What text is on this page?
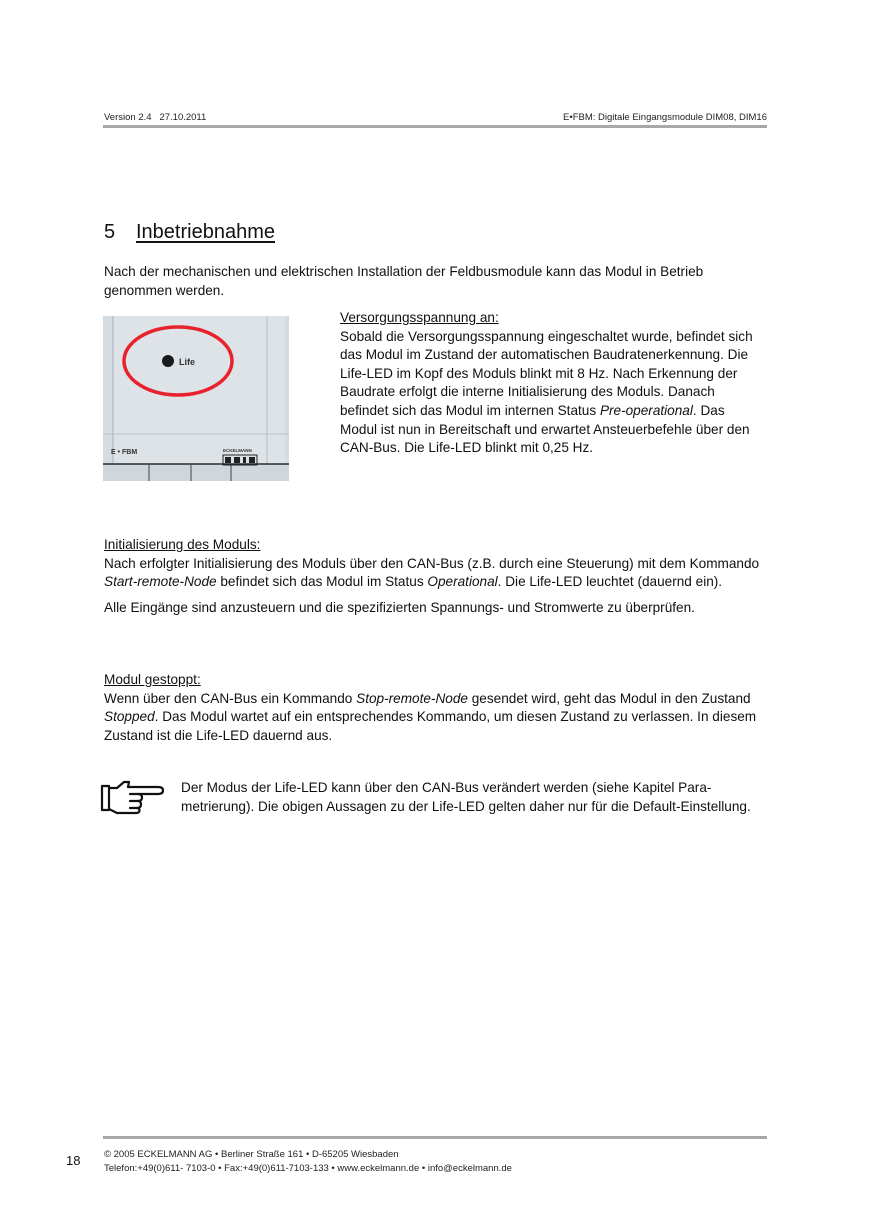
Version 2.4   27.10.2011	E•FBM: Digitale Eingangsmodule DIM08, DIM16
5 Inbetriebnahme

Nach der mechanischen und elektrischen Installation der Feldbusmodule kann das Modul in Betrieb genommen werden.

Life
E • FBM	ECKELMANN

Versorgungsspannung an:

Sobald die Versorgungsspannung eingeschaltet wurde, befindet sich das Modul im Zustand der automatischen Baudratenerkennung. Die Life-LED im Kopf des Moduls blinkt mit 8 Hz. Nach Erkennung der Baudrate erfolgt die interne Initialisierung des Moduls. Danach befindet sich das Modul im internen Status Pre-operational. Das Modul ist nun in Bereitschaft und erwartet Ansteuerbefehle über den CAN-Bus. Die Life-LED blinkt mit 0,25 Hz.

Initialisierung des Moduls:

Nach erfolgter Initialisierung des Moduls über den CAN-Bus (z.B. durch eine Steuerung) mit dem Kommando Start-remote-Node befindet sich das Modul im Status Operational. Die Life-LED leuchtet (dauernd ein).

Alle Eingänge sind anzusteuern und die spezifizierten Spannungs- und Stromwerte zu überprüfen.

Modul gestoppt:

Wenn über den CAN-Bus ein Kommando Stop-remote-Node gesendet wird, geht das Modul in den Zustand Stopped. Das Modul wartet auf ein entsprechendes Kommando, um diesen Zustand zu verlassen. In diesem Zustand ist die Life-LED dauernd aus.

Der Modus der Life-LED kann über den CAN-Bus verändert werden (siehe Kapitel Parametrierung). Die obigen Aussagen zu der Life-LED gelten daher nur für die Default-Einstellung.

18 © 2005 ECKELMANN AG • Berliner Straße 161 • D-65205 Wiesbaden
Telefon:+49(0)611- 7103-0 • Fax:+49(0)611-7103-133 • www.eckelmann.de • info@eckelmann.de
